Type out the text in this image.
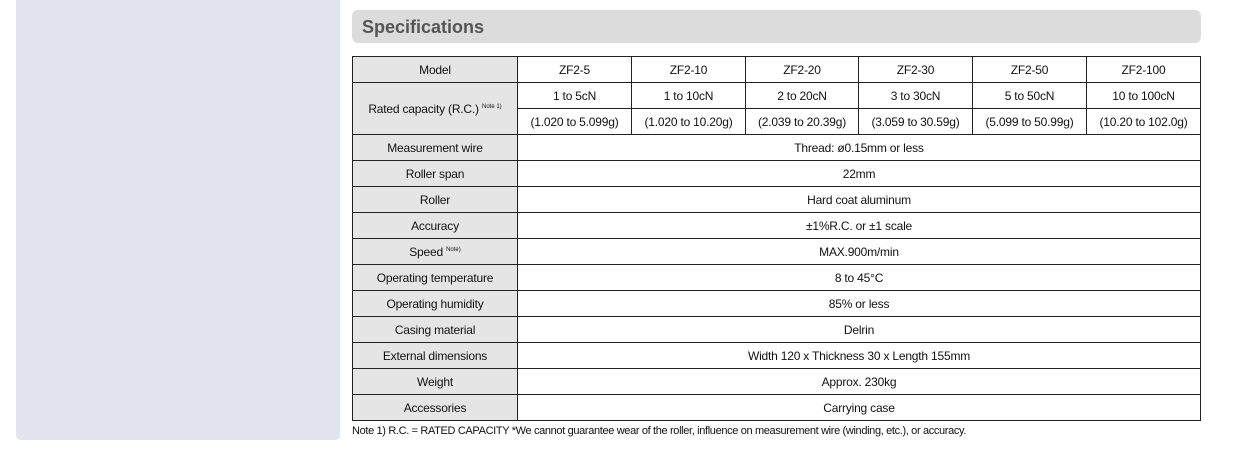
Specifications
Model	ZF2-5	ZF2-10	ZF2-20	ZF2-30	ZF2-50	ZF2-100
Rated capacity (R.C.) $^{Note 1)}$	1 to 5cN	1 to 10cN	2 to 20cN	3 to 30cN	5 to 50cN	10 to 100cN
	(1.020 to 5.099g)	(1.020 to 10.20g)	(2.039 to 20.39g)	(3.059 to 30.59g)	(5.099 to 50.99g)	(10.20 to 102.0g)
Measurement wire	Thread: ø0.15mm or less					
Roller span	22mm					
Roller	Hard coat aluminum					
Accuracy	±1%R.C. or ±1 scale					
Speed $^{Note)}$	MAX.900m/min					
Operating temperature	8 to 45°C					
Operating humidity	85% or less					
Casing material	Delrin					
External dimensions	Width 120 x Thickness 30 x Length 155mm					
Weight	Approx. 230kg					
Accessories	Carrying case					
Note 1) R.C. = RATED CAPACITY *We cannot guarantee wear of the roller, influence on measurement wire (winding, etc.), or accuracy.
